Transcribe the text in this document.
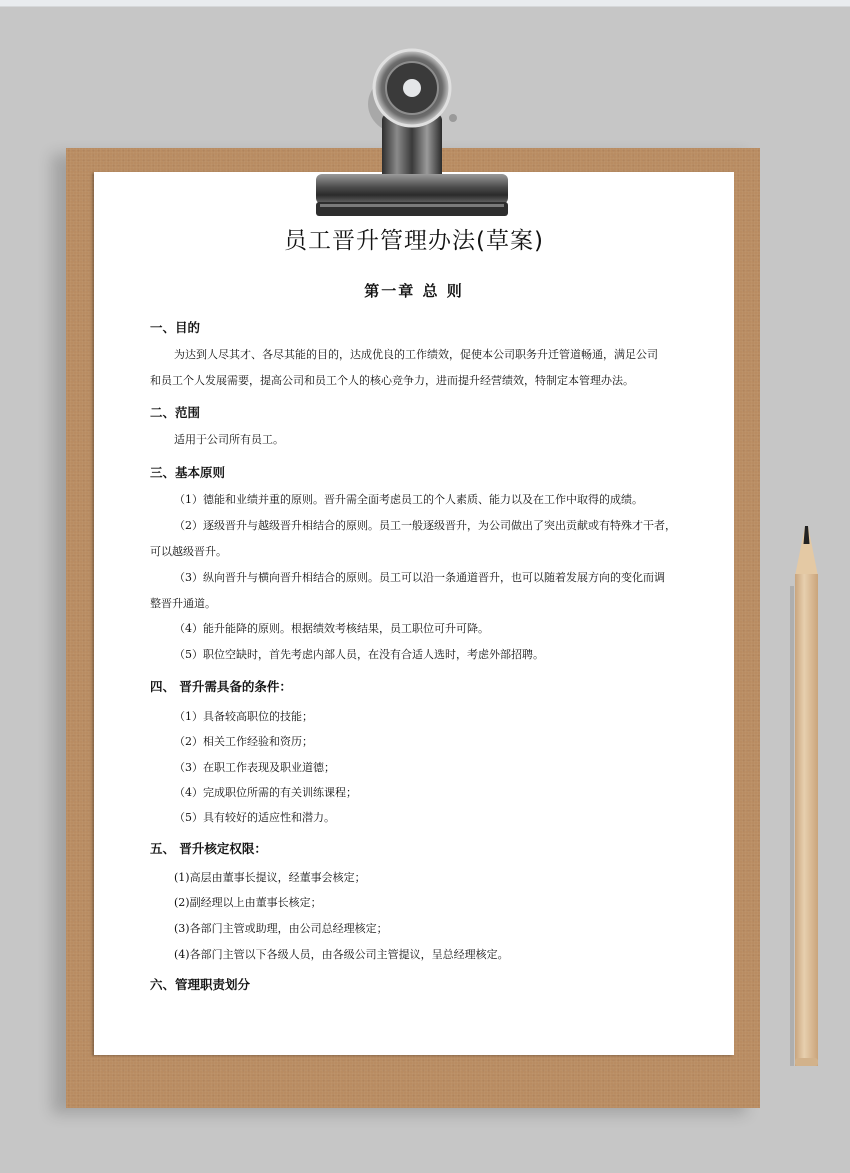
员工晋升管理办法(草案)
第一章 总 则
一、目的
为达到人尽其才、各尽其能的目的，达成优良的工作绩效，促使本公司职务升迁管道畅通，满足公司
和员工个人发展需要，提高公司和员工个人的核心竞争力，进而提升经营绩效，特制定本管理办法。
二、范围
适用于公司所有员工。
三、基本原则
（1）德能和业绩并重的原则。晋升需全面考虑员工的个人素质、能力以及在工作中取得的成绩。
（2）逐级晋升与越级晋升相结合的原则。员工一般逐级晋升，为公司做出了突出贡献或有特殊才干者，
可以越级晋升。
（3）纵向晋升与横向晋升相结合的原则。员工可以沿一条通道晋升，也可以随着发展方向的变化而调
整晋升通道。
（4）能升能降的原则。根据绩效考核结果，员工职位可升可降。
（5）职位空缺时，首先考虑内部人员，在没有合适人选时，考虑外部招聘。
四、 晋升需具备的条件：
（1）具备较高职位的技能；
（2）相关工作经验和资历；
（3）在职工作表现及职业道德；
（4）完成职位所需的有关训练课程；
（5）具有较好的适应性和潜力。
五、 晋升核定权限：
(1)高层由董事长提议，经董事会核定；
(2)副经理以上由董事长核定；
(3)各部门主管或助理，由公司总经理核定；
(4)各部门主管以下各级人员，由各级公司主管提议，呈总经理核定。
六、管理职责划分
